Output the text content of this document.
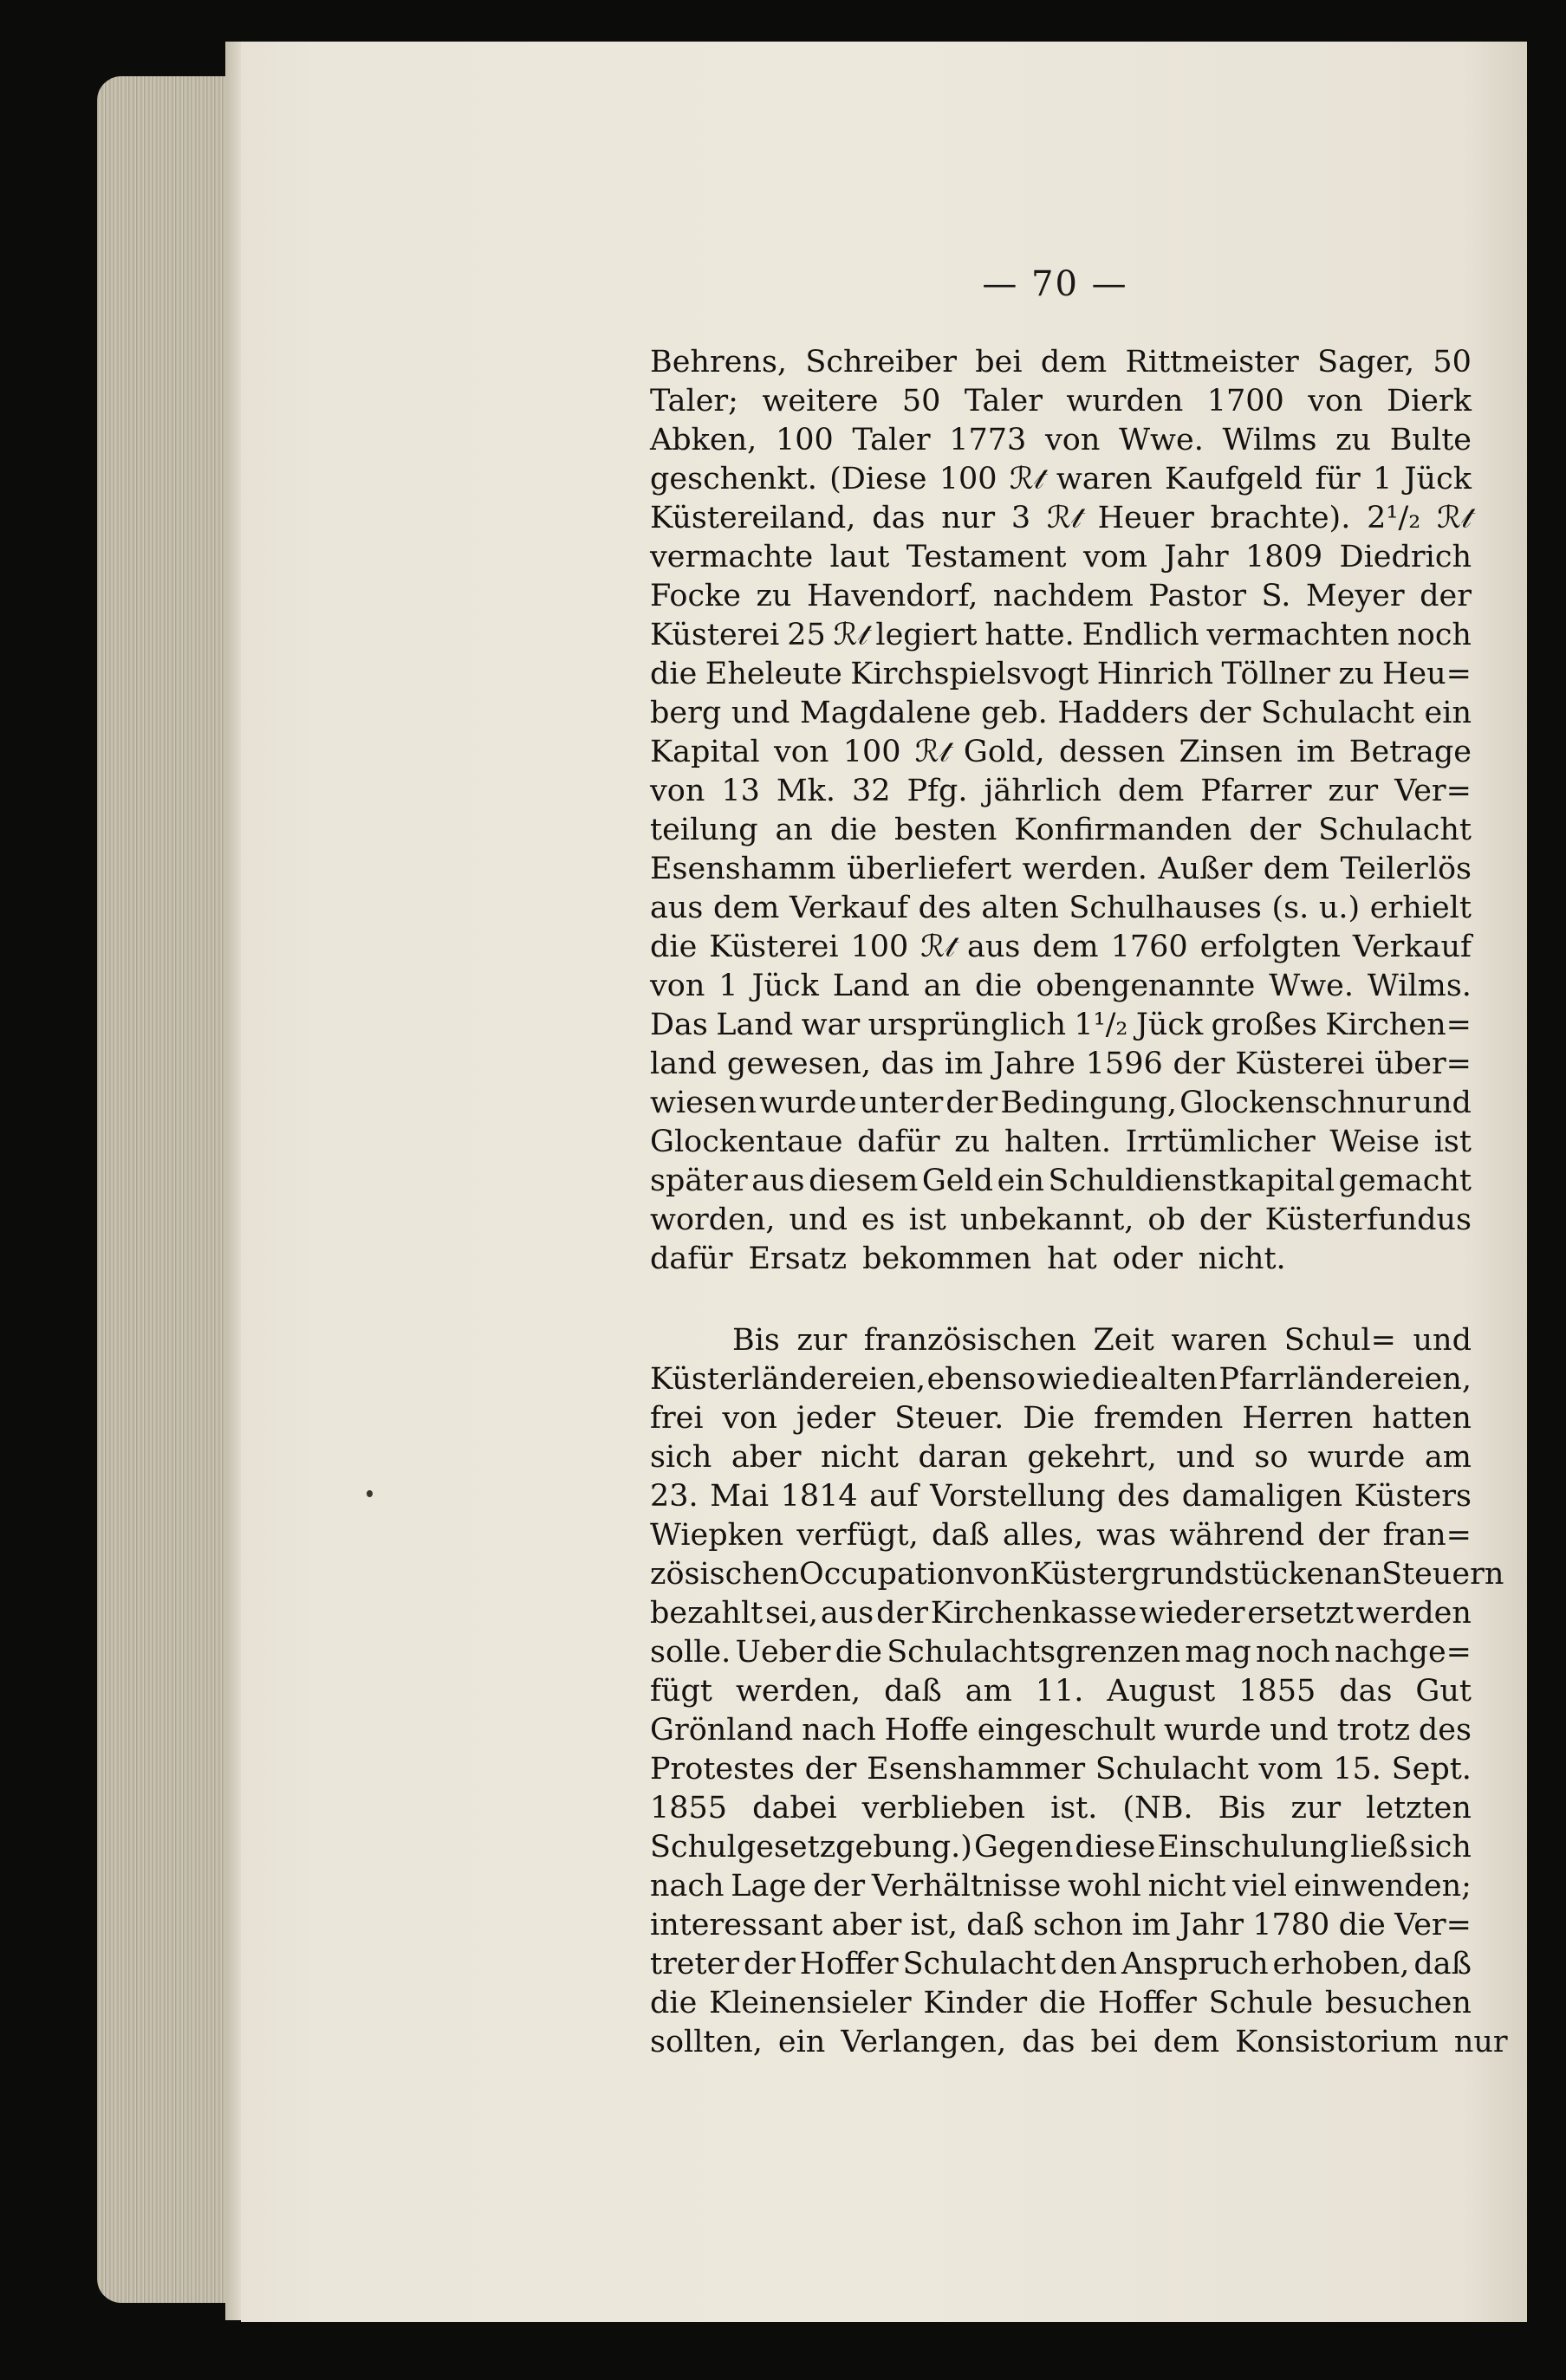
— 70 —
Behrens, Schreiber bei dem Rittmeister Sager, 50
Taler; weitere 50 Taler wurden 1700 von Dierk
Abken, 100 Taler 1773 von Wwe. Wilms zu Bulte
geschenkt. (Diese 100 ℛ𝓉 waren Kaufgeld für 1 Jück
Küstereiland, das nur 3 ℛ𝓉 Heuer brachte). 2¹/₂ ℛ𝓉
vermachte laut Testament vom Jahr 1809 Diedrich
Focke zu Havendorf, nachdem Pastor S. Meyer der
Küsterei 25 ℛ𝓉 legiert hatte. Endlich vermachten noch
die Eheleute Kirchspielsvogt Hinrich Töllner zu Heu=
berg und Magdalene geb. Hadders der Schulacht ein
Kapital von 100 ℛ𝓉 Gold, dessen Zinsen im Betrage
von 13 Mk. 32 Pfg. jährlich dem Pfarrer zur Ver=
teilung an die besten Konfirmanden der Schulacht
Esenshamm überliefert werden. Außer dem Teilerlös
aus dem Verkauf des alten Schulhauses (s. u.) erhielt
die Küsterei 100 ℛ𝓉 aus dem 1760 erfolgten Verkauf
von 1 Jück Land an die obengenannte Wwe. Wilms.
Das Land war ursprünglich 1¹/₂ Jück großes Kirchen=
land gewesen, das im Jahre 1596 der Küsterei über=
wiesen wurde unter der Bedingung, Glockenschnur und
Glockentaue dafür zu halten. Irrtümlicher Weise ist
später aus diesem Geld ein Schuldienstkapital gemacht
worden, und es ist unbekannt, ob der Küsterfundus
dafür Ersatz bekommen hat oder nicht.
Bis zur französischen Zeit waren Schul= und
Küsterländereien, ebenso wie die alten Pfarrländereien,
frei von jeder Steuer. Die fremden Herren hatten
sich aber nicht daran gekehrt, und so wurde am
23. Mai 1814 auf Vorstellung des damaligen Küsters
Wiepken verfügt, daß alles, was während der fran=
zösischen Occupation von Küstergrundstücken an Steuern
bezahlt sei, aus der Kirchenkasse wieder ersetzt werden
solle. Ueber die Schulachtsgrenzen mag noch nachge=
fügt werden, daß am 11. August 1855 das Gut
Grönland nach Hoffe eingeschult wurde und trotz des
Protestes der Esenshammer Schulacht vom 15. Sept.
1855 dabei verblieben ist. (NB. Bis zur letzten
Schulgesetzgebung.) Gegen diese Einschulung ließ sich
nach Lage der Verhältnisse wohl nicht viel einwenden;
interessant aber ist, daß schon im Jahr 1780 die Ver=
treter der Hoffer Schulacht den Anspruch erhoben, daß
die Kleinensieler Kinder die Hoffer Schule besuchen
sollten, ein Verlangen, das bei dem Konsistorium nur
